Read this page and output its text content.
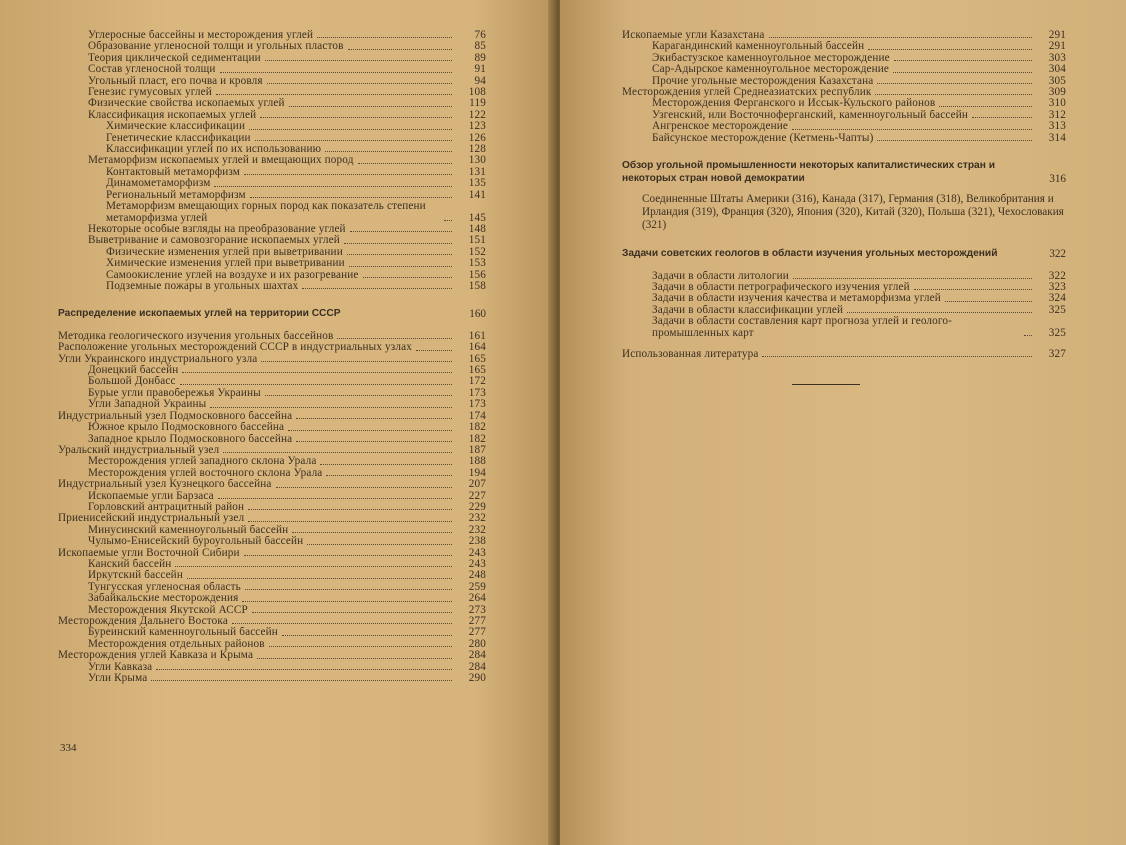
Углеросные бассейны и месторождения углей	76
Образование угленосной толщи и угольных пластов	85
Теория циклической седиментации	89
Состав угленосной толщи	91
Угольный пласт, его почва и кровля	94
Генезис гумусовых углей	108
Физические свойства ископаемых углей	119
Классификация ископаемых углей	122
Химические классификации	123
Генетические классификации	126
Классификации углей по их использованию	128
Метаморфизм ископаемых углей и вмещающих пород	130
Контактовый метаморфизм	131
Динамометаморфизм	135
Региональный метаморфизм	141
Метаморфизм вмещающих горных пород как показатель степени метаморфизма углей	145
Некоторые особые взгляды на преобразование углей	148
Выветривание и самовозгорание ископаемых углей	151
Физические изменения углей при выветривании	152
Химические изменения углей при выветривании	153
Самоокисление углей на воздухе и их разогревание	156
Подземные пожары в угольных шахтах	158
Распределение ископаемых углей на территории СССР	160
Методика геологического изучения угольных бассейнов	161
Расположение угольных месторождений СССР в индустриальных узлах	164
Угли Украинского индустриального узла	165
Донецкий бассейн	165
Большой Донбасс	172
Бурые угли правобережья Украины	173
Угли Западной Украины	173
Индустриальный узел Подмосковного бассейна	174
Южное крыло Подмосковного бассейна	182
Западное крыло Подмосковного бассейна	182
Уральский индустриальный узел	187
Месторождения углей западного склона Урала	188
Месторождения углей восточного склона Урала	194
Индустриальный узел Кузнецкого бассейна	207
Ископаемые угли Барзаса	227
Горловский антрацитный район	229
Приенисейский индустриальный узел	232
Минусинский каменноугольный бассейн	232
Чулымо-Енисейский буроугольный бассейн	238
Ископаемые угли Восточной Сибири	243
Канский бассейн	243
Иркутский бассейн	248
Тунгусская угленосная область	259
Забайкальские месторождения	264
Месторождения Якутской АССР	273
Месторождения Дальнего Востока	277
Буреинский каменноугольный бассейн	277
Месторождения отдельных районов	280
Месторождения углей Кавказа и Крыма	284
Угли Кавказа	284
Угли Крыма	290
334
Ископаемые угли Казахстана	291
Карагандинский каменноугольный бассейн	291
Экибастузское каменноугольное месторождение	303
Сар-Адырское каменноугольное месторождение	304
Прочие угольные месторождения Казахстана	305
Месторождения углей Среднеазиатских республик	309
Месторождения Ферганского и Иссык-Кульского районов	310
Узгенский, или Восточноферганский, каменноугольный бассейн	312
Ангренское месторождение	313
Байсунское месторождение (Кетмень-Чапты)	314
Обзор угольной промышленности некоторых капиталистических стран и некоторых стран новой демократии	316
Соединенные Штаты Америки (316), Канада (317), Германия (318), Великобритания и Ирландия (319), Франция (320), Япония (320), Китай (320), Польша (321), Чехословакия (321)
Задачи советских геологов в области изучения угольных месторождений	322
Задачи в области литологии	322
Задачи в области петрографического изучения углей	323
Задачи в области изучения качества и метаморфизма углей	324
Задачи в области классификации углей	325
Задачи в области составления карт прогноза углей и геолого-промышленных карт	325
Использованная литература	327
